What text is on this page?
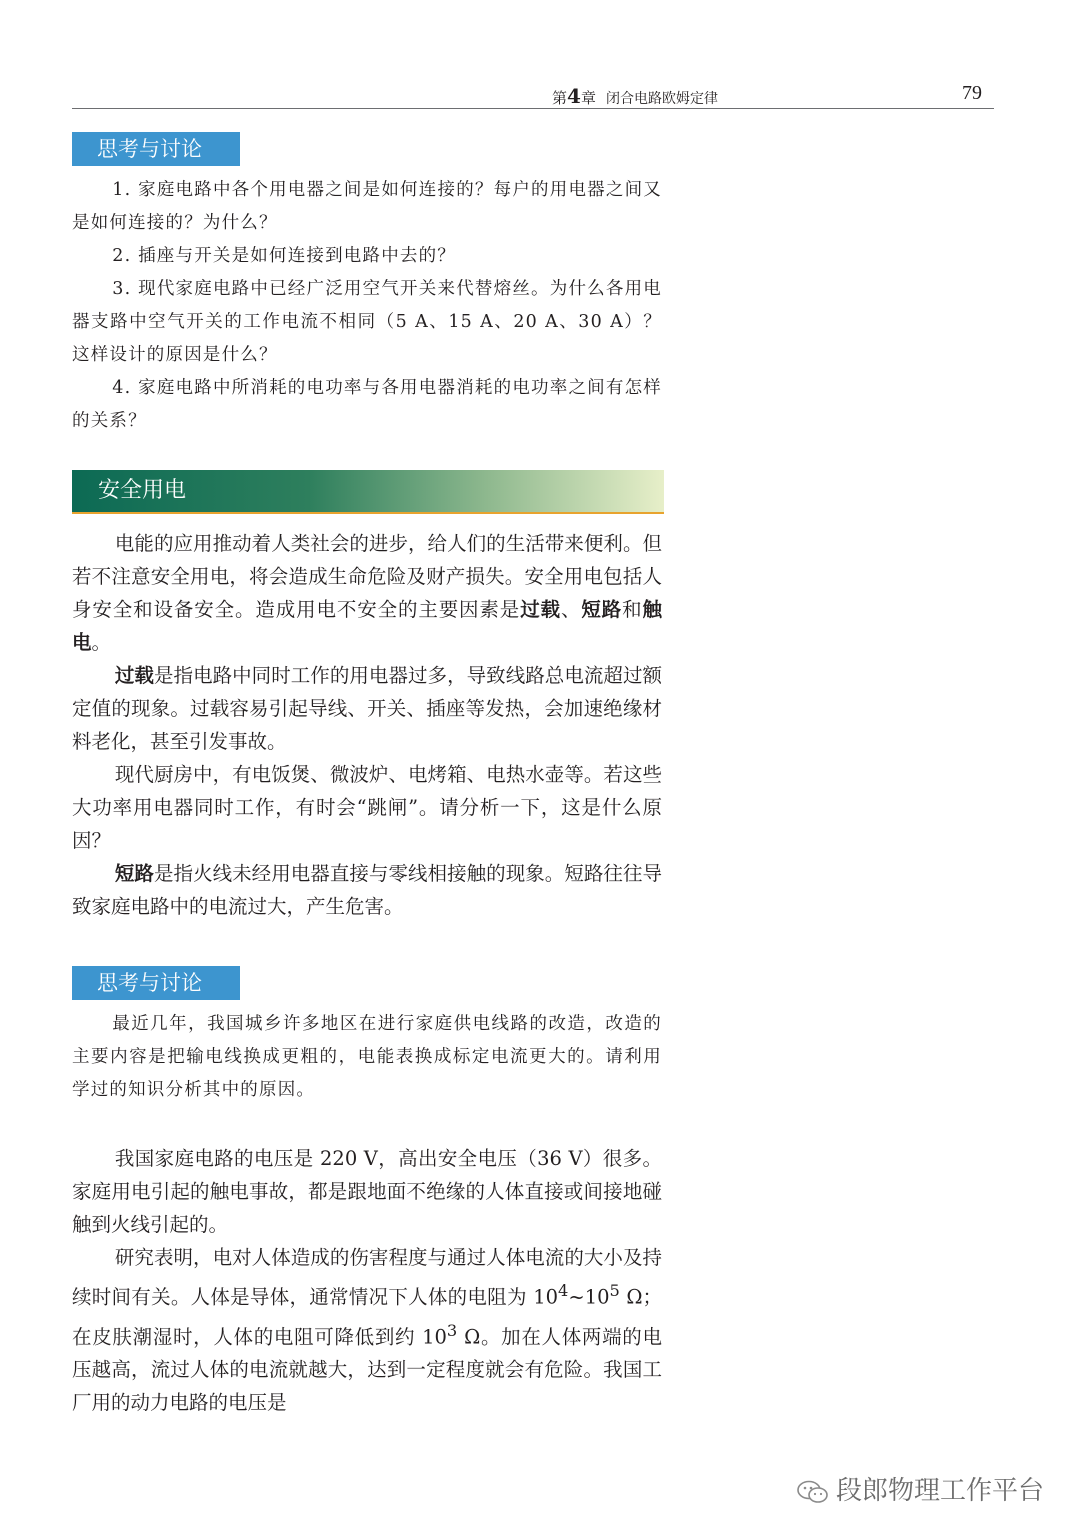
第4章 闭合电路欧姆定律	79
思考与讨论

1. 家庭电路中各个用电器之间是如何连接的？每户的用电器之间又是如何连接的？为什么？

2. 插座与开关是如何连接到电路中去的？

3. 现代家庭电路中已经广泛用空气开关来代替熔丝。为什么各用电器支路中空气开关的工作电流不相同（5 A、15 A、20 A、30 A）？这样设计的原因是什么？

4. 家庭电路中所消耗的电功率与各用电器消耗的电功率之间有怎样的关系？

安全用电

电能的应用推动着人类社会的进步，给人们的生活带来便利。但若不注意安全用电，将会造成生命危险及财产损失。安全用电包括人身安全和设备安全。造成用电不安全的主要因素是过载、短路和触电。

过载是指电路中同时工作的用电器过多，导致线路总电流超过额定值的现象。过载容易引起导线、开关、插座等发热，会加速绝缘材料老化，甚至引发事故。

现代厨房中，有电饭煲、微波炉、电烤箱、电热水壶等。若这些大功率用电器同时工作，有时会“跳闸”。请分析一下，这是什么原因？

短路是指火线未经用电器直接与零线相接触的现象。短路往往导致家庭电路中的电流过大，产生危害。

思考与讨论

最近几年，我国城乡许多地区在进行家庭供电线路的改造，改造的主要内容是把输电线换成更粗的，电能表换成标定电流更大的。请利用学过的知识分析其中的原因。

我国家庭电路的电压是 220 V，高出安全电压（36 V）很多。家庭用电引起的触电事故，都是跟地面不绝缘的人体直接或间接地碰触到火线引起的。

研究表明，电对人体造成的伤害程度与通过人体电流的大小及持续时间有关。人体是导体，通常情况下人体的电阻为 $10^4\sim 10^5$ Ω；在皮肤潮湿时，人体的电阻可降低到约 $10^3$ Ω。加在人体两端的电压越高，流过人体的电流就越大，达到一定程度就会有危险。我国工厂用的动力电路的电压是

段郎物理工作平台
